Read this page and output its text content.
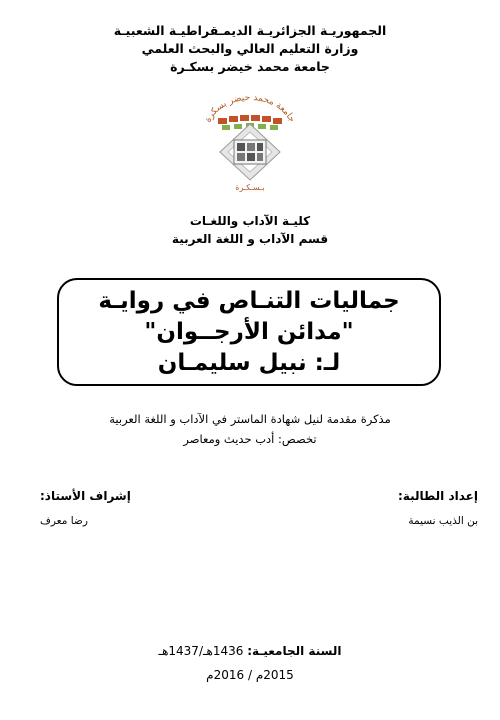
الجمهوريـة الجزائريـة الديمـقراطيـة الشعبيـة
وزارة التعليم العالي والبحث العلمي
جامعة محمد خيضر بسكـرة
جامعة محمد خيضر بسكرة
بـسـكـرة
كليـة الآداب واللغـات
قسم الآداب و اللغة العربية
جماليات التنـاص في روايـة
"مدائن الأرجــوان"
لـ: نبيل سليمـان
مذكرة مقدمة لنيل شهادة الماستر في الآداب و اللغة العربية
تخصص: أدب حديث ومعاصر
إعداد الطالبة:
بن الذيب نسيمة
إشراف الأستاذ:
رضا معرف
السنة الجامعيـة: 1436هـ/1437هـ
2015م / 2016م
